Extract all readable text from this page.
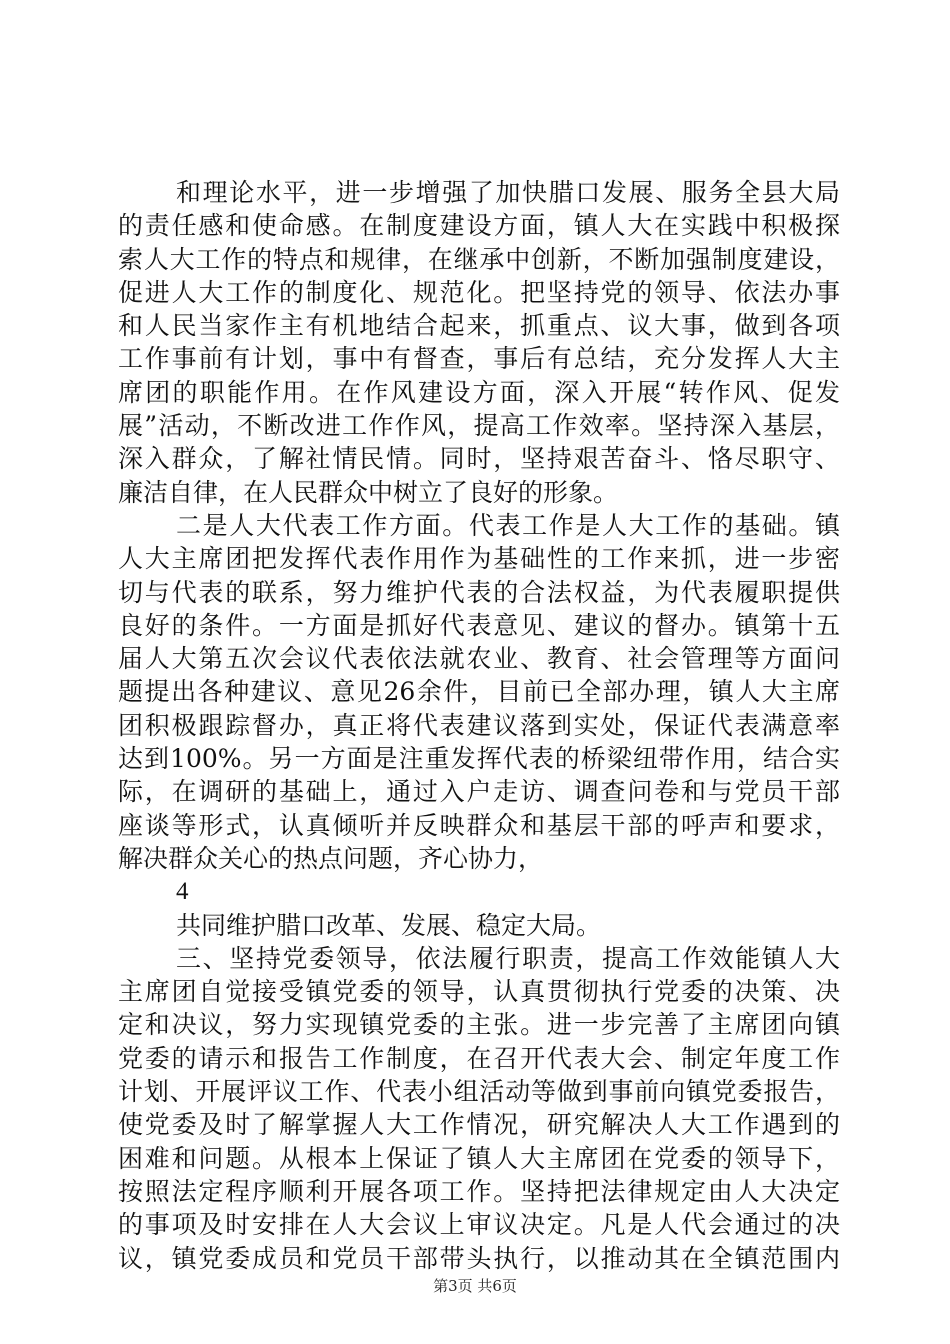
和理论水平，进一步增强了加快腊口发展、服务全县大局
的责任感和使命感。在制度建设方面，镇人大在实践中积极探
索人大工作的特点和规律，在继承中创新，不断加强制度建设，
促进人大工作的制度化、规范化。把坚持党的领导、依法办事
和人民当家作主有机地结合起来，抓重点、议大事，做到各项
工作事前有计划，事中有督查，事后有总结，充分发挥人大主
席团的职能作用。在作风建设方面，深入开展“转作风、促发
展”活动，不断改进工作作风，提高工作效率。坚持深入基层，
深入群众，了解社情民情。同时，坚持艰苦奋斗、恪尽职守、
廉洁自律，在人民群众中树立了良好的形象。
二是人大代表工作方面。代表工作是人大工作的基础。镇
人大主席团把发挥代表作用作为基础性的工作来抓，进一步密
切与代表的联系，努力维护代表的合法权益，为代表履职提供
良好的条件。一方面是抓好代表意见、建议的督办。镇第十五
届人大第五次会议代表依法就农业、教育、社会管理等方面问
题提出各种建议、意见26余件，目前已全部办理，镇人大主席
团积极跟踪督办，真正将代表建议落到实处，保证代表满意率
达到100%。另一方面是注重发挥代表的桥梁纽带作用，结合实
际，在调研的基础上，通过入户走访、调查问卷和与党员干部
座谈等形式，认真倾听并反映群众和基层干部的呼声和要求，
解决群众关心的热点问题，齐心协力，
4
共同维护腊口改革、发展、稳定大局。
三、坚持党委领导，依法履行职责，提高工作效能镇人大
主席团自觉接受镇党委的领导，认真贯彻执行党委的决策、决
定和决议，努力实现镇党委的主张。进一步完善了主席团向镇
党委的请示和报告工作制度，在召开代表大会、制定年度工作
计划、开展评议工作、代表小组活动等做到事前向镇党委报告，
使党委及时了解掌握人大工作情况，研究解决人大工作遇到的
困难和问题。从根本上保证了镇人大主席团在党委的领导下，
按照法定程序顺利开展各项工作。坚持把法律规定由人大决定
的事项及时安排在人大会议上审议决定。凡是人代会通过的决
议，镇党委成员和党员干部带头执行，以推动其在全镇范围内
第3页 共6页
